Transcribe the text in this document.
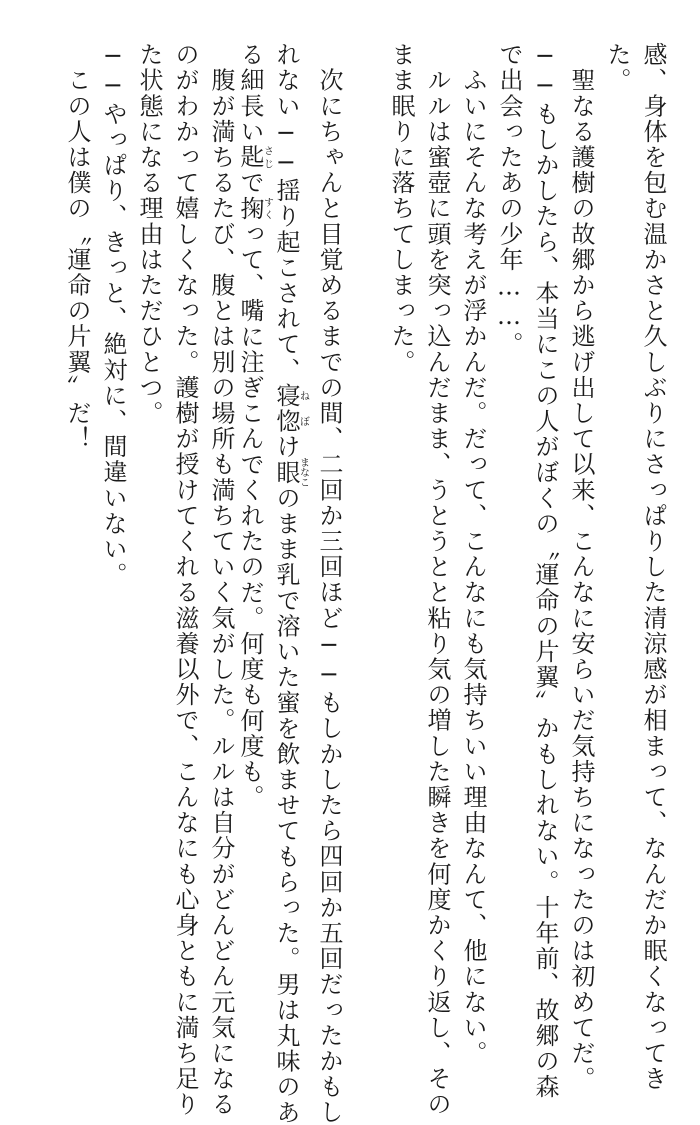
感、身体を包む温かさと久しぶりにさっぱりした清涼感が相まって、なんだか眠くなってき
た。
　聖なる護樹の故郷から逃げ出して以来、こんなに安らいだ気持ちになったのは初めてだ。
──もしかしたら、本当にこの人がぼくの〝運命の片翼〟かもしれない。十年前、故郷の森
で出会ったあの少年……。
　ふいにそんな考えが浮かんだ。だって、こんなにも気持ちいい理由なんて、他にない。
　ルルは蜜壺に頭を突っ込んだまま、うとうとと粘り気の増した瞬きを何度かくり返し、その
まま眠りに落ちてしまった。
　次にちゃんと目覚めるまでの間、二回か三回ほど──もしかしたら四回か五回だったかもし
れない──揺り起こされて、寝惚ねぼけ眼まなこのまま乳で溶いた蜜を飲ませてもらった。男は丸味のあ
る細長い匙さじで掬すくって、嘴に注ぎこんでくれたのだ。何度も何度も。
　腹が満ちるたび、腹とは別の場所も満ちていく気がした。ルルは自分がどんどん元気になる
のがわかって嬉しくなった。護樹が授けてくれる滋養以外で、こんなにも心身ともに満ち足り
た状態になる理由はただひとつ。
──やっぱり、きっと、絶対に、間違いない。
　この人は僕の〝運命の片翼〟だ！
